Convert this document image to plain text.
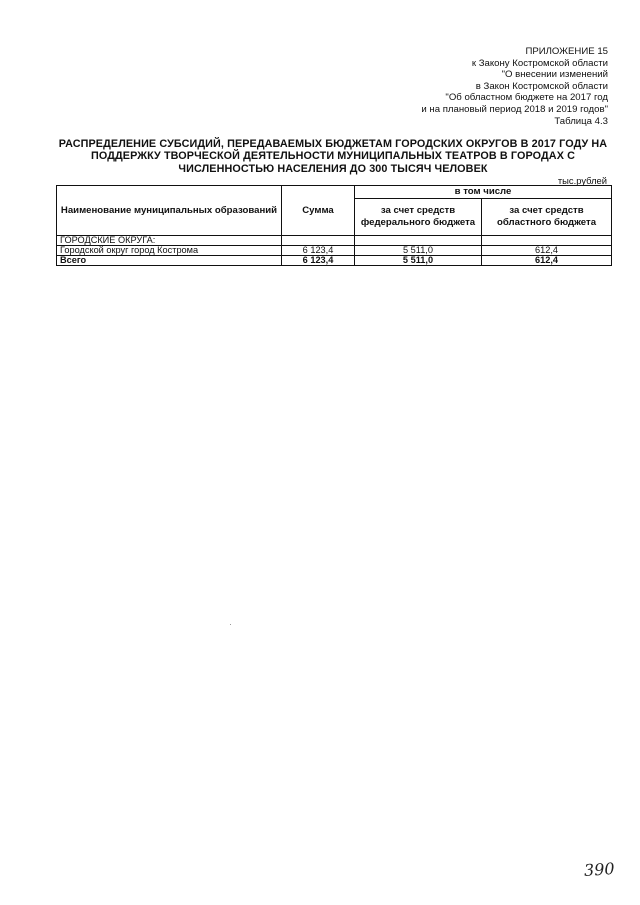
ПРИЛОЖЕНИЕ 15
к Закону Костромской области
"О внесении изменений
в Закон Костромской области
"Об областном бюджете на 2017 год
и на плановый период 2018 и 2019 годов"
Таблица 4.3
РАСПРЕДЕЛЕНИЕ СУБСИДИЙ, ПЕРЕДАВАЕМЫХ БЮДЖЕТАМ ГОРОДСКИХ ОКРУГОВ В 2017 ГОДУ НА
ПОДДЕРЖКУ ТВОРЧЕСКОЙ ДЕЯТЕЛЬНОСТИ МУНИЦИПАЛЬНЫХ ТЕАТРОВ В ГОРОДАХ С
ЧИСЛЕННОСТЬЮ НАСЕЛЕНИЯ ДО 300 ТЫСЯЧ ЧЕЛОВЕК
тыс.рублей
Наименование муниципальных образований	Сумма	в том числе	
		за счет средств федерального бюджета	за счет средств областного бюджета
ГОРОДСКИЕ ОКРУГА:			
Городской округ город Кострома	6 123,4	5 511,0	612,4
Всего	6 123,4	5 511,0	612,4
390
